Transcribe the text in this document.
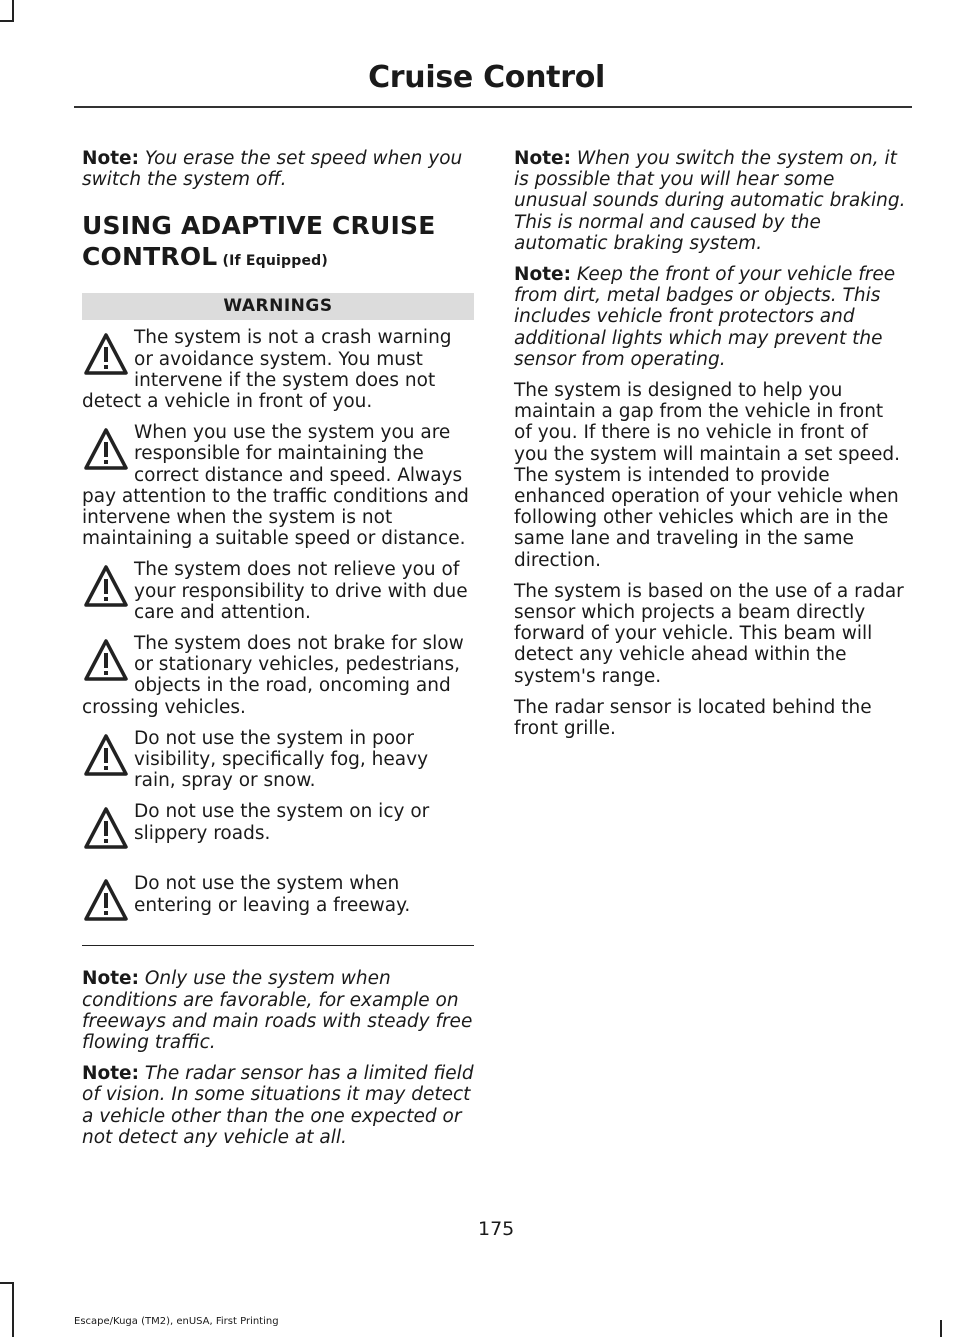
Cruise Control

Note: You erase the set speed when you switch the system off.

USING ADAPTIVE CRUISE
CONTROL (If Equipped)
WARNINGS
The system is not a crash warning or avoidance system. You must intervene if the system does not detect a vehicle in front of you.
When you use the system you are responsible for maintaining the correct distance and speed. Always pay attention to the traffic conditions and intervene when the system is not maintaining a suitable speed or distance.
The system does not relieve you of your responsibility to drive with due care and attention.
The system does not brake for slow or stationary vehicles, pedestrians, objects in the road, oncoming and crossing vehicles.
Do not use the system in poor visibility, specifically fog, heavy rain, spray or snow.
Do not use the system on icy or slippery roads.
Do not use the system when entering or leaving a freeway.

Note: Only use the system when conditions are favorable, for example on freeways and main roads with steady free flowing traffic.

Note: The radar sensor has a limited field of vision. In some situations it may detect a vehicle other than the one expected or not detect any vehicle at all.

Note: When you switch the system on, it is possible that you will hear some unusual sounds during automatic braking. This is normal and caused by the automatic braking system.

Note: Keep the front of your vehicle free from dirt, metal badges or objects. This includes vehicle front protectors and additional lights which may prevent the sensor from operating.

The system is designed to help you maintain a gap from the vehicle in front of you. If there is no vehicle in front of you the system will maintain a set speed. The system is intended to provide enhanced operation of your vehicle when following other vehicles which are in the same lane and traveling in the same direction.

The system is based on the use of a radar sensor which projects a beam directly forward of your vehicle. This beam will detect any vehicle ahead within the system's range.

The radar sensor is located behind the front grille.

175
Escape/Kuga (TM2), enUSA, First Printing
